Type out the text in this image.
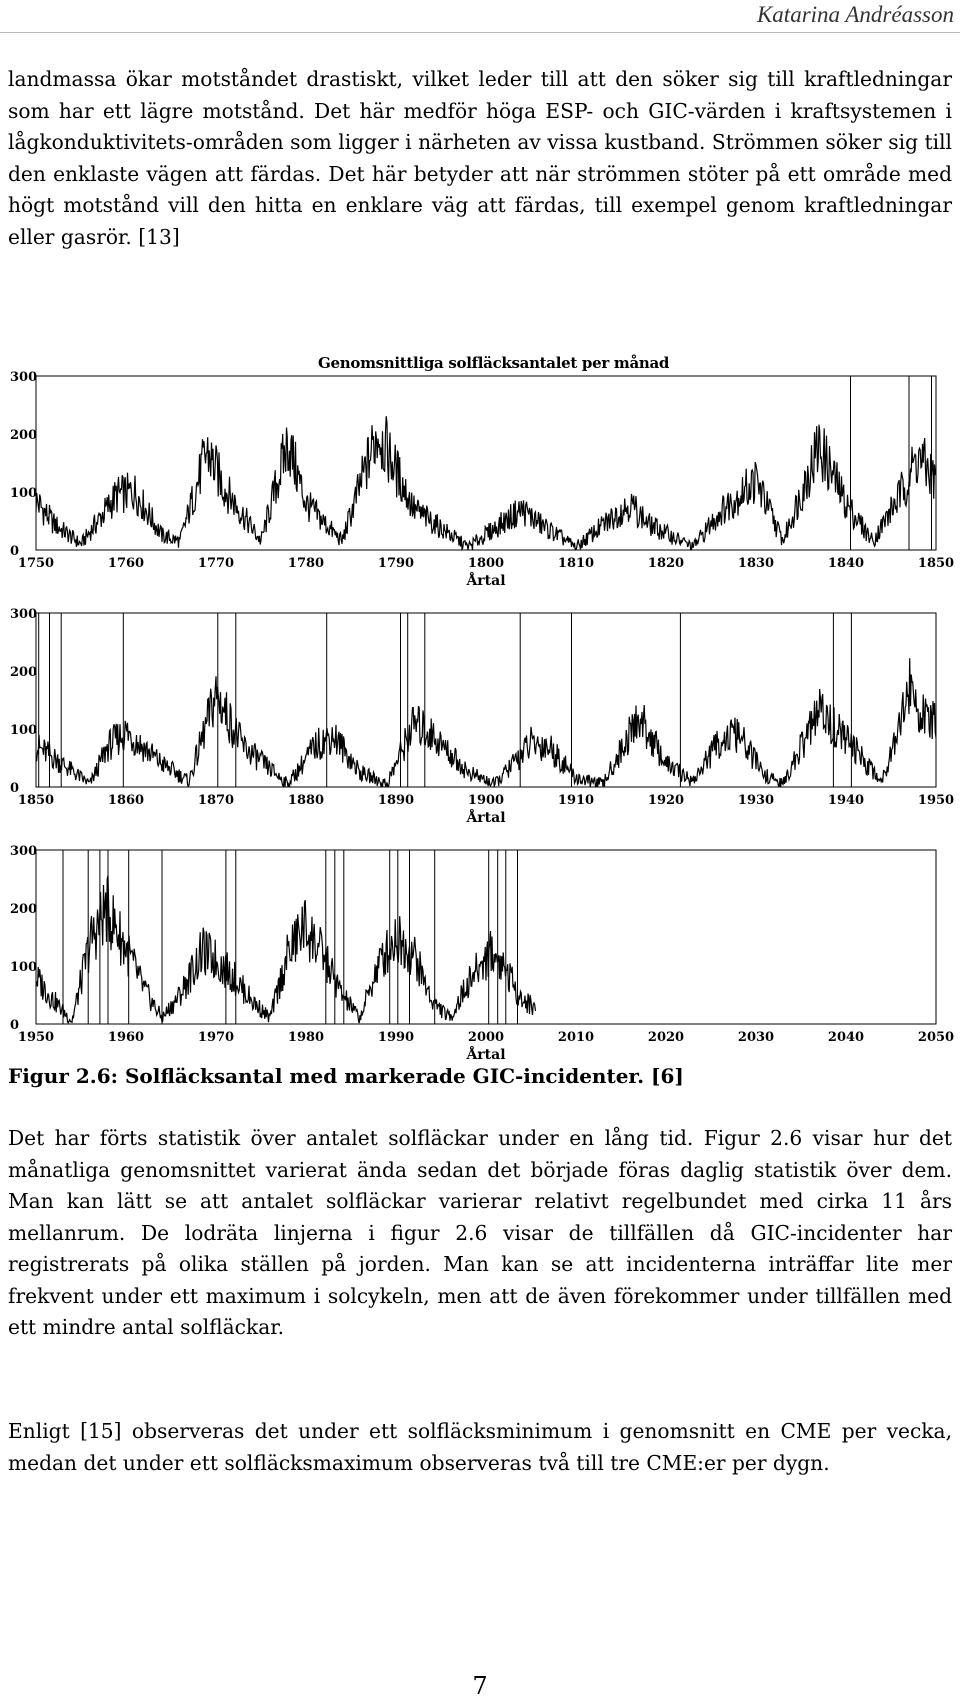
Katarina Andréasson

landmassa ökar motståndet drastiskt, vilket leder till att den söker sig till kraftledningar som har ett lägre motstånd. Det här medför höga ESP- och GIC-värden i kraftsystemen i lågkonduktivitets-områden som ligger i närheten av vissa kustband. Strömmen söker sig till den enklaste vägen att färdas. Det här betyder att när strömmen stöter på ett område med högt motstånd vill den hitta en enklare väg att färdas, till exempel genom kraftledningar eller gasrör. [13]

Genomsnittliga solfläcksantalet per månad
0
100
200
300
1750	1760	1770	1780	1790	1800	1810	1820	1830	1840	1850
Årtal
0
100
200
300
1850	1860	1870	1880	1890	1900	1910	1920	1930	1940	1950
Årtal
0
100
200
300
1950	1960	1970	1980	1990	2000	2010	2020	2030	2040	2050
Årtal
Figur 2.6: Solfläcksantal med markerade GIC-incidenter. [6]

Det har förts statistik över antalet solfläckar under en lång tid. Figur 2.6 visar hur det månatliga genomsnittet varierat ända sedan det började föras daglig statistik över dem. Man kan lätt se att antalet solfläckar varierar relativt regelbundet med cirka 11 års mellanrum. De lodräta linjerna i figur 2.6 visar de tillfällen då GIC-incidenter har registrerats på olika ställen på jorden. Man kan se att incidenterna inträffar lite mer frekvent under ett maximum i solcykeln, men att de även förekommer under tillfällen med ett mindre antal solfläckar.

Enligt [15] observeras det under ett solfläcksminimum i genomsnitt en CME per vecka, medan det under ett solfläcksmaximum observeras två till tre CME:er per dygn.

7
